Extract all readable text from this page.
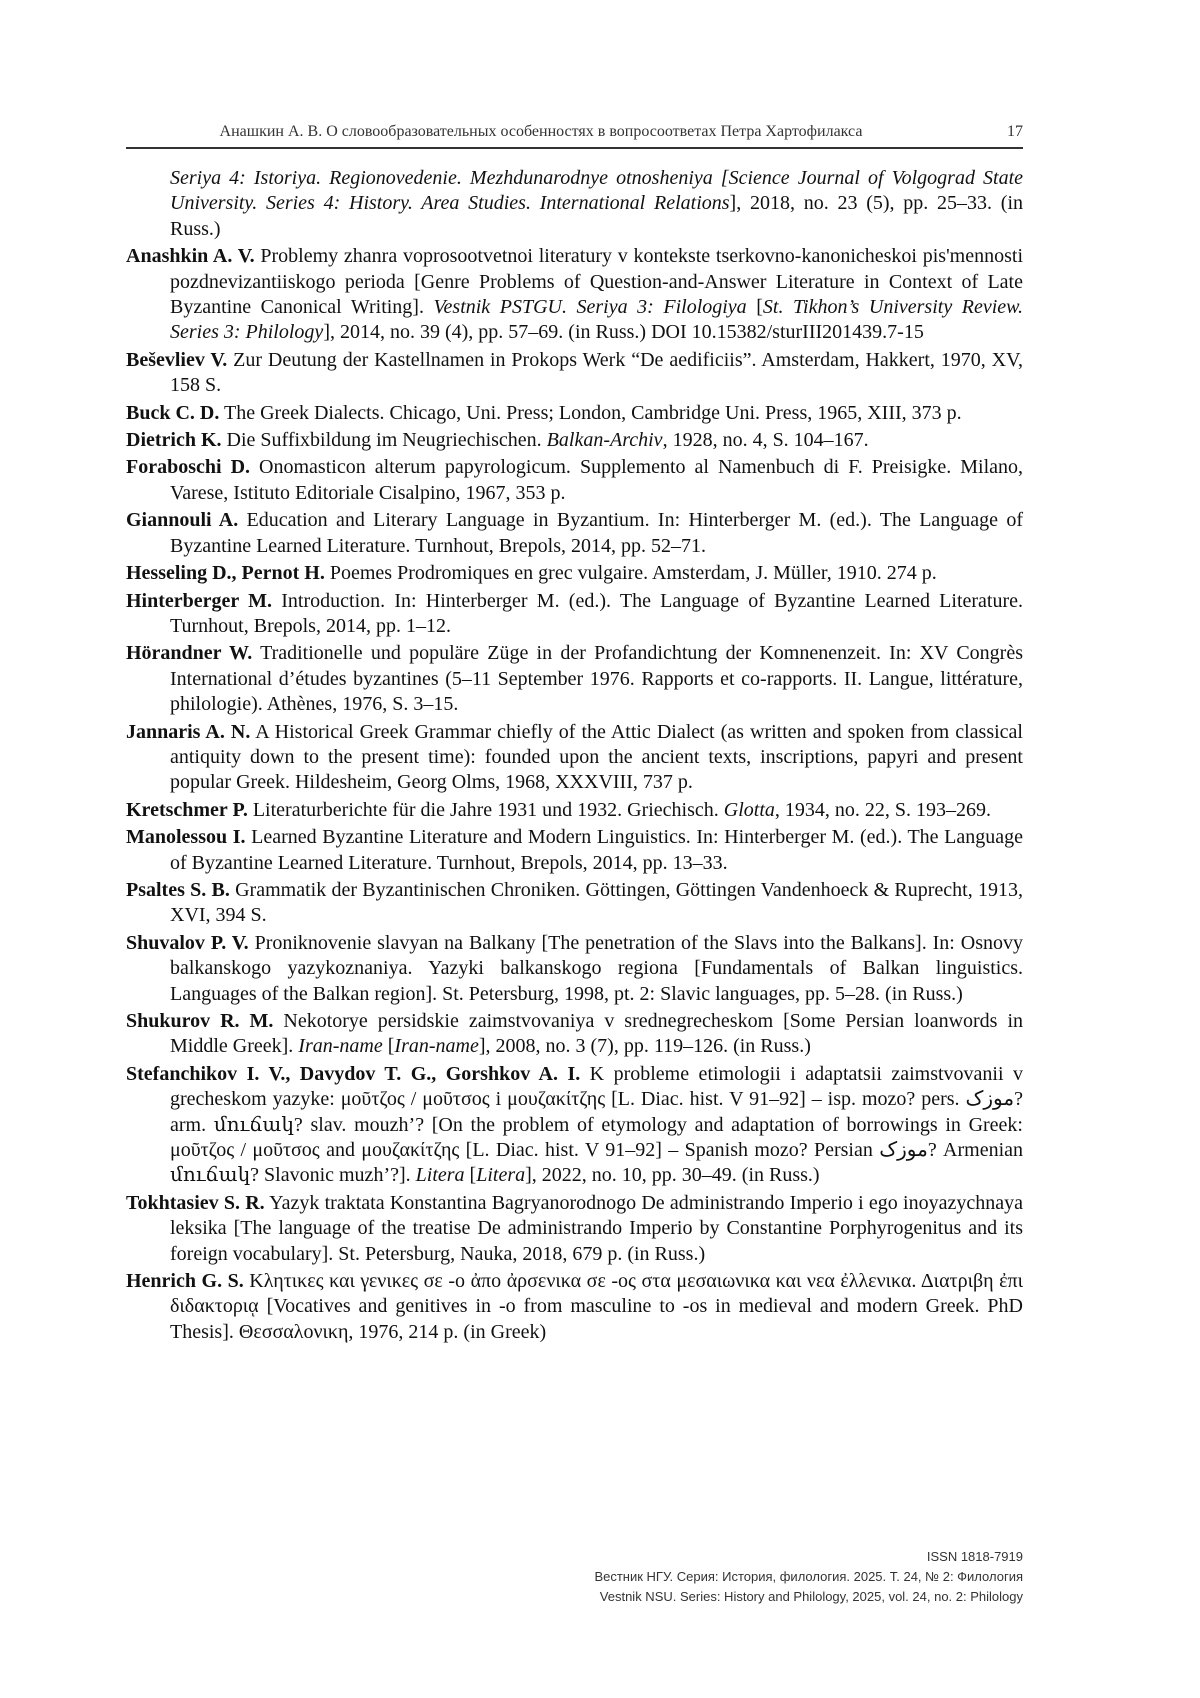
Анашкин А. В. О словообразовательных особенностях в вопросоответах Петра Хартофилакса	17
Seriya 4: Istoriya. Regionovedenie. Mezhdunarodnye otnosheniya [Science Journal of Volgograd State University. Series 4: History. Area Studies. International Relations], 2018, no. 23 (5), pp. 25–33. (in Russ.)
Anashkin A. V. Problemy zhanra voprosootvetnoi literatury v kontekste tserkovno-kanonicheskoi pis'mennosti pozdnevizantiiskogo perioda [Genre Problems of Question-and-Answer Literature in Context of Late Byzantine Canonical Writing]. Vestnik PSTGU. Seriya 3: Filologiya [St. Tikhon’s University Review. Series 3: Philology], 2014, no. 39 (4), pp. 57–69. (in Russ.) DOI 10.15382/sturIII201439.7-15
Beševliev V. Zur Deutung der Kastellnamen in Prokops Werk “De aedificiis”. Amsterdam, Hakkert, 1970, XV, 158 S.
Buck C. D. The Greek Dialects. Chicago, Uni. Press; London, Cambridge Uni. Press, 1965, XIII, 373 p.
Dietrich K. Die Suffixbildung im Neugriechischen. Balkan-Archiv, 1928, no. 4, S. 104–167.
Foraboschi D. Onomasticon alterum papyrologicum. Supplemento al Namenbuch di F. Preisigke. Milano, Varese, Istituto Editoriale Cisalpino, 1967, 353 p.
Giannouli A. Education and Literary Language in Byzantium. In: Hinterberger M. (ed.). The Language of Byzantine Learned Literature. Turnhout, Brepols, 2014, pp. 52–71.
Hesseling D., Pernot H. Poemes Prodromiques en grec vulgaire. Amsterdam, J. Müller, 1910. 274 p.
Hinterberger M. Introduction. In: Hinterberger M. (ed.). The Language of Byzantine Learned Literature. Turnhout, Brepols, 2014, pp. 1–12.
Hörandner W. Traditionelle und populäre Züge in der Profandichtung der Komnenenzeit. In: XV Congrès International d’études byzantines (5–11 September 1976. Rapports et co-rapports. II. Langue, littérature, philologie). Athènes, 1976, S. 3–15.
Jannaris A. N. A Historical Greek Grammar chiefly of the Attic Dialect (as written and spoken from classical antiquity down to the present time): founded upon the ancient texts, inscriptions, papyri and present popular Greek. Hildesheim, Georg Olms, 1968, XXXVIII, 737 p.
Kretschmer P. Literaturberichte für die Jahre 1931 und 1932. Griechisch. Glotta, 1934, no. 22, S. 193–269.
Manolessou I. Learned Byzantine Literature and Modern Linguistics. In: Hinterberger M. (ed.). The Language of Byzantine Learned Literature. Turnhout, Brepols, 2014, pp. 13–33.
Psaltes S. B. Grammatik der Byzantinischen Chroniken. Göttingen, Göttingen Vandenhoeck & Ruprecht, 1913, XVI, 394 S.
Shuvalov P. V. Proniknovenie slavyan na Balkany [The penetration of the Slavs into the Balkans]. In: Osnovy balkanskogo yazykoznaniya. Yazyki balkanskogo regiona [Fundamentals of Balkan linguistics. Languages of the Balkan region]. St. Petersburg, 1998, pt. 2: Slavic languages, pp. 5–28. (in Russ.)
Shukurov R. M. Nekotorye persidskie zaimstvovaniya v srednegrecheskom [Some Persian loanwords in Middle Greek]. Iran-name [Iran-name], 2008, no. 3 (7), pp. 119–126. (in Russ.)
Stefanchikov I. V., Davydov T. G., Gorshkov A. I. K probleme etimologii i adaptatsii zaimstvovanii v grecheskom yazyke: μοῦτζος / μοῦτσος i μουζακίτζης [L. Diac. hist. V 91–92] – isp. mozo? pers. موزک? arm. մուճակ? slav. mouzh’? [On the problem of etymology and adaptation of borrowings in Greek: μοῦτζος / μοῦτσος and μουζακίτζης [L. Diac. hist. V 91–92] – Spanish mozo? Persian موزک? Armenian մուճակ? Slavonic muzh’?]. Litera [Litera], 2022, no. 10, pp. 30–49. (in Russ.)
Tokhtasiev S. R. Yazyk traktata Konstantina Bagryanorodnogo De administrando Imperio i ego inoyazychnaya leksika [The language of the treatise De administrando Imperio by Constantine Porphyrogenitus and its foreign vocabulary]. St. Petersburg, Nauka, 2018, 679 p. (in Russ.)
Henrich G. S. Κλητικες και γενικες σε -ο ἀπο ἀρσενικα σε -ος στα μεσαιωνικα και νεα ἐλλενικα. Διατριβη ἐπι διδακτοριᾳ [Vocatives and genitives in -o from masculine to -os in medieval and modern Greek. PhD Thesis]. Θεσσαλονικη, 1976, 214 p. (in Greek)
ISSN 1818-7919
Вестник НГУ. Серия: История, филология. 2025. Т. 24, № 2: Филология
Vestnik NSU. Series: History and Philology, 2025, vol. 24, no. 2: Philology
